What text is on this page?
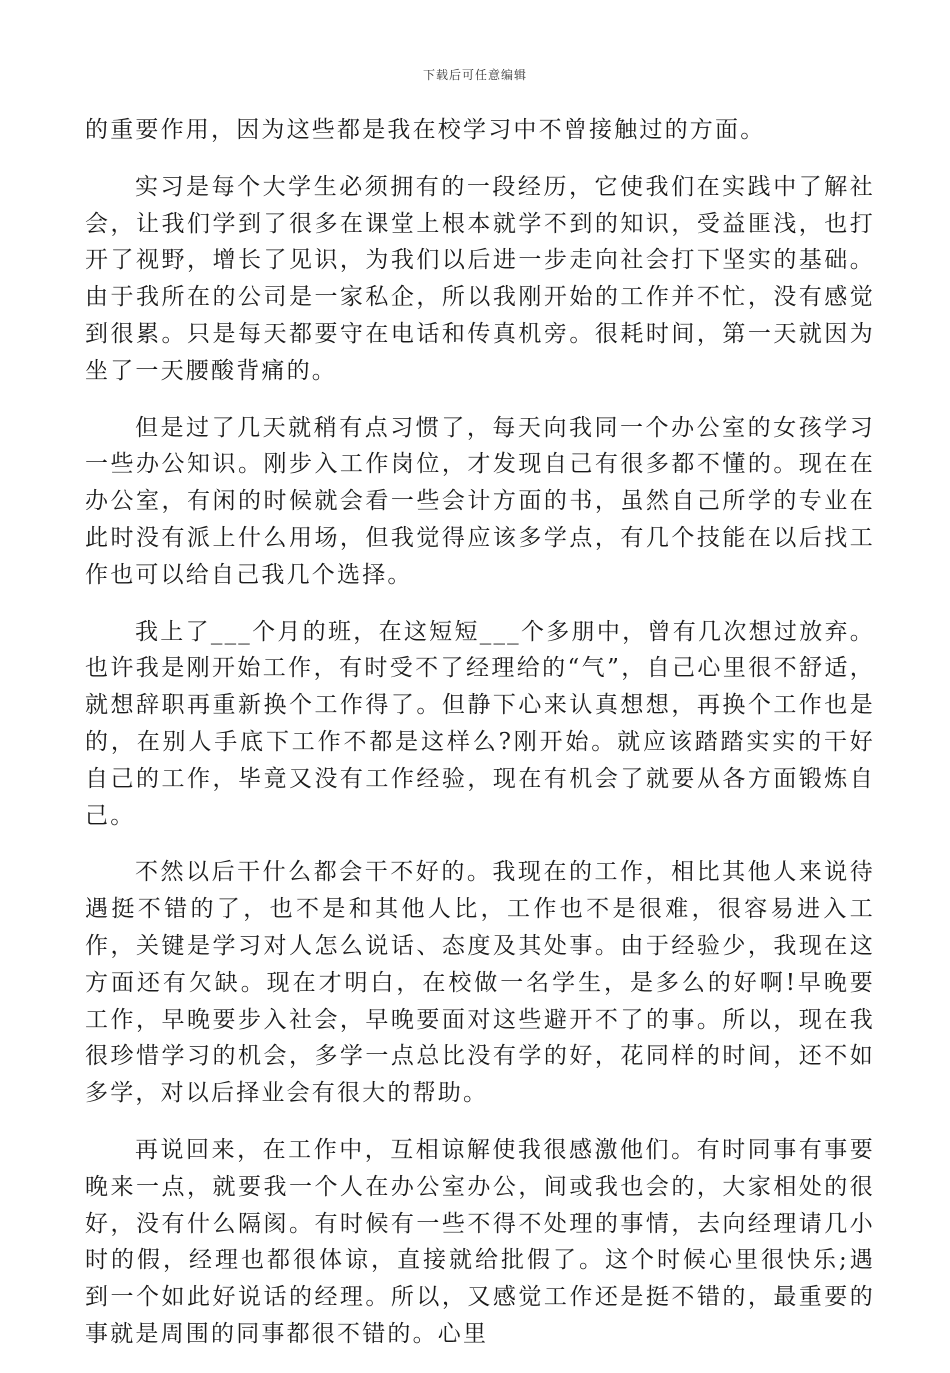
下载后可任意编辑

的重要作用，因为这些都是我在校学习中不曾接触过的方面。

实习是每个大学生必须拥有的一段经历，它使我们在实践中了解社会，让我们学到了很多在课堂上根本就学不到的知识，受益匪浅，也打开了视野，增长了见识，为我们以后进一步走向社会打下坚实的基础。由于我所在的公司是一家私企，所以我刚开始的工作并不忙，没有感觉到很累。只是每天都要守在电话和传真机旁。很耗时间，第一天就因为坐了一天腰酸背痛的。

但是过了几天就稍有点习惯了，每天向我同一个办公室的女孩学习一些办公知识。刚步入工作岗位，才发现自己有很多都不懂的。现在在办公室，有闲的时候就会看一些会计方面的书，虽然自己所学的专业在此时没有派上什么用场，但我觉得应该多学点，有几个技能在以后找工作也可以给自己我几个选择。

我上了___个月的班，在这短短___个多朋中，曾有几次想过放弃。也许我是刚开始工作，有时受不了经理给的“气”，自己心里很不舒适，就想辞职再重新换个工作得了。但静下心来认真想想，再换个工作也是的，在别人手底下工作不都是这样么?刚开始。就应该踏踏实实的干好自己的工作，毕竟又没有工作经验，现在有机会了就要从各方面锻炼自己。

不然以后干什么都会干不好的。我现在的工作，相比其他人来说待遇挺不错的了，也不是和其他人比，工作也不是很难，很容易进入工作，关键是学习对人怎么说话、态度及其处事。由于经验少，我现在这方面还有欠缺。现在才明白，在校做一名学生，是多么的好啊!早晚要工作，早晚要步入社会，早晚要面对这些避开不了的事。所以，现在我很珍惜学习的机会，多学一点总比没有学的好，花同样的时间，还不如多学，对以后择业会有很大的帮助。

再说回来，在工作中，互相谅解使我很感激他们。有时同事有事要晚来一点，就要我一个人在办公室办公，间或我也会的，大家相处的很好，没有什么隔阂。有时候有一些不得不处理的事情，去向经理请几小时的假，经理也都很体谅，直接就给批假了。这个时候心里很快乐;遇到一个如此好说话的经理。所以，又感觉工作还是挺不错的，最重要的事就是周围的同事都很不错的。心里
